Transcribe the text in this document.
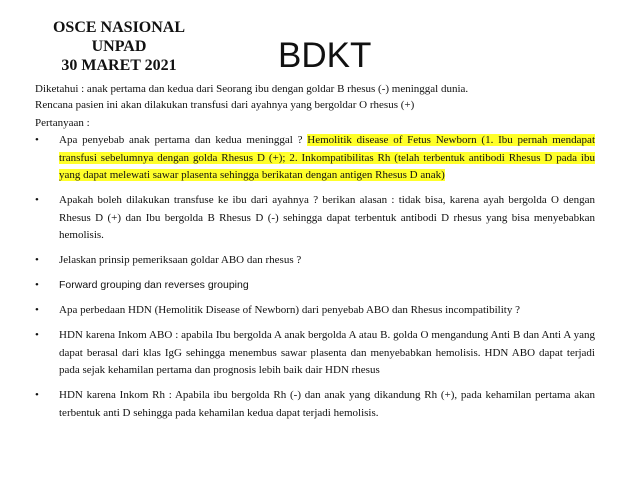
OSCE NASIONAL
UNPAD
30 MARET 2021	BDKT
Diketahui : anak pertama dan kedua dari Seorang ibu dengan goldar B rhesus (-) meninggal dunia.
Rencana pasien ini akan dilakukan transfusi dari ayahnya yang bergoldar O rhesus (+)
Pertanyaan :
•	Apa penyebab anak pertama dan kedua meninggal ? Hemolitik disease of Fetus Newborn (1. Ibu pernah mendapat transfusi sebelumnya dengan golda Rhesus D (+); 2. Inkompatibilitas Rh (telah terbentuk antibodi Rhesus D pada ibu yang dapat melewati sawar plasenta sehingga berikatan dengan antigen Rhesus D anak)
•	Apakah boleh dilakukan transfuse ke ibu dari ayahnya ? berikan alasan : tidak bisa, karena ayah bergolda O dengan Rhesus D (+) dan Ibu bergolda B Rhesus D (-) sehingga dapat terbentuk antibodi D rhesus yang bisa menyebabkan hemolisis.
•	Jelaskan prinsip pemeriksaan goldar ABO dan rhesus ?
•	Forward grouping dan reverses grouping
•	Apa perbedaan HDN (Hemolitik Disease of Newborn) dari penyebab ABO dan Rhesus incompatibility ?
•	HDN karena Inkom ABO : apabila Ibu bergolda A anak bergolda A atau B. golda O mengandung Anti B dan Anti A yang dapat berasal dari klas IgG sehingga menembus sawar plasenta dan menyebabkan hemolisis. HDN ABO dapat terjadi pada sejak kehamilan pertama dan prognosis lebih baik dair HDN rhesus
•	HDN karena Inkom Rh : Apabila ibu bergolda Rh (-) dan anak yang dikandung Rh (+), pada kehamilan pertama akan terbentuk anti D sehingga pada kehamilan kedua dapat terjadi hemolisis.
